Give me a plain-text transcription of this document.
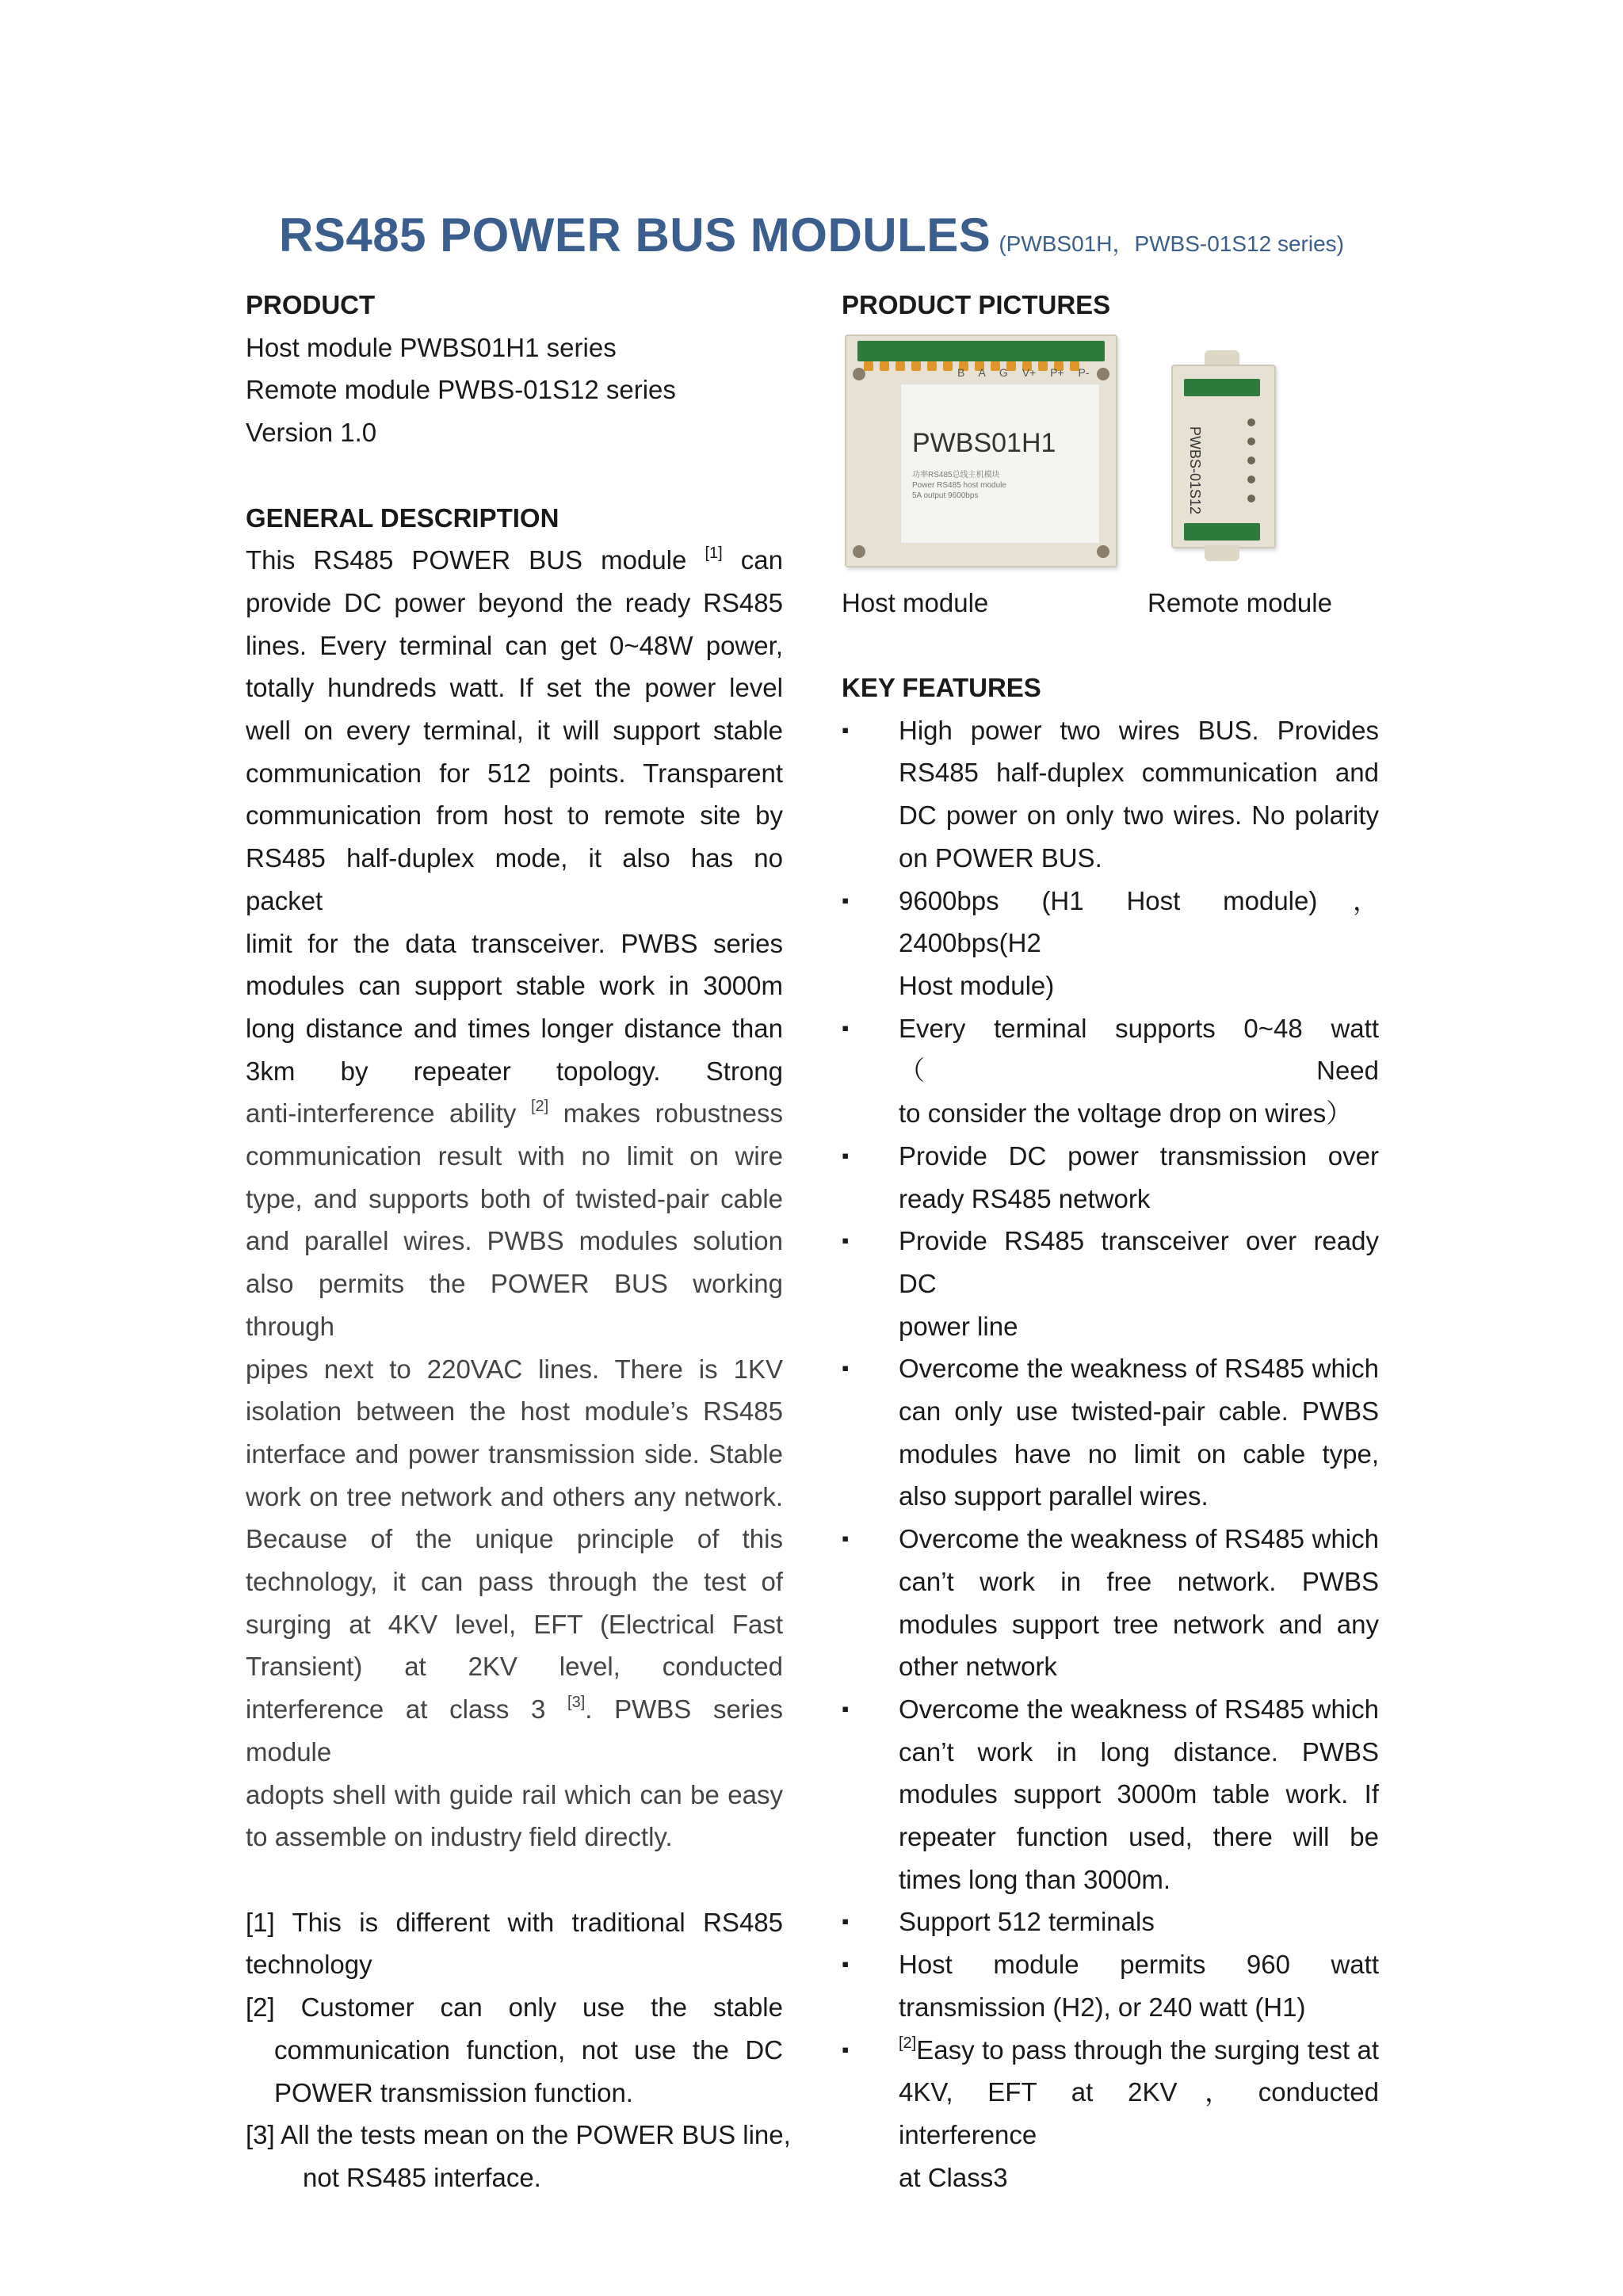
RS485 POWER BUS MODULES (PWBS01H，PWBS-01S12 series)
PRODUCT
Host module PWBS01H1 series
Remote module PWBS-01S12 series
Version 1.0
GENERAL DESCRIPTION
This RS485 POWER BUS module [1] can
provide DC power beyond the ready RS485
lines. Every terminal can get 0~48W power,
totally hundreds watt. If set the power level
well on every terminal, it will support stable
communication for 512 points. Transparent
communication from host to remote site by
RS485 half-duplex mode, it also has no packet
limit for the data transceiver. PWBS series
modules can support stable work in 3000m
long distance and times longer distance than
3km by repeater topology. Strong
anti-interference ability [2] makes robustness
communication result with no limit on wire
type, and supports both of twisted-pair cable
and parallel wires. PWBS modules solution
also permits the POWER BUS working through
pipes next to 220VAC lines. There is 1KV
isolation between the host module’s RS485
interface and power transmission side. Stable
work on tree network and others any network.
Because of the unique principle of this
technology, it can pass through the test of
surging at 4KV level, EFT (Electrical Fast
Transient) at 2KV level, conducted
interference at class 3 [3]. PWBS series module
adopts shell with guide rail which can be easy
to assemble on industry field directly.
[1] This is different with traditional RS485
technology
[2] Customer can only use the stable
communication function, not use the DC
POWER transmission function.
[3] All the tests mean on the POWER BUS line,
not RS485 interface.
PRODUCT PICTURES
B A G V+ P+ P-
PWBS01H1
功率RS485总线主机模块
Power RS485 host module
5A output 9600bps	PWBS-01S12
Host module	Remote module
KEY FEATURES
▪ High power two wires BUS. Provides
RS485 half-duplex communication and
DC power on only two wires. No polarity
on POWER BUS.
▪ 9600bps (H1 Host module)，2400bps(H2
Host module)
▪ Every terminal supports 0~48 watt（Need
to consider the voltage drop on wires）
▪ Provide DC power transmission over
ready RS485 network
▪ Provide RS485 transceiver over ready DC
power line
▪ Overcome the weakness of RS485 which
can only use twisted-pair cable. PWBS
modules have no limit on cable type,
also support parallel wires.
▪ Overcome the weakness of RS485 which
can’t work in free network. PWBS
modules support tree network and any
other network
▪ Overcome the weakness of RS485 which
can’t work in long distance. PWBS
modules support 3000m table work. If
repeater function used, there will be
times long than 3000m.
▪ Support 512 terminals
▪ Host module permits 960 watt
transmission (H2), or 240 watt (H1)
▪	[2]Easy to pass through the surging test at
4KV, EFT at 2KV，conducted interference
at Class3
